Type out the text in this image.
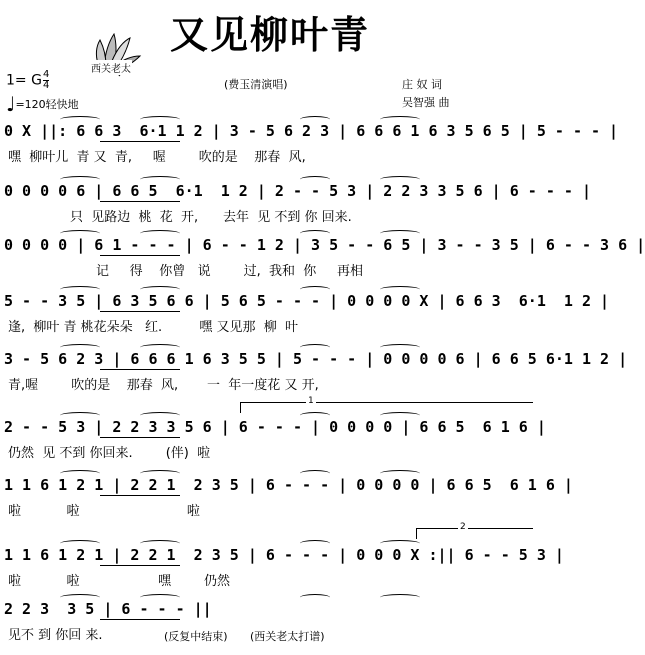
又见柳叶青
西关老太
1= G $\frac{4}{4}$
♩=120轻快地
(费玉清演唱)	庄 奴 词
吴智强 曲
0 X ||: 6 6 3  6·1 1 2 | 3 - 5 6 2 3 | 6 6 6 1 6 3 5 6 5 | 5 - - - |
嘿  柳叶儿  青 又  青,     喔        吹的是    那春  风,
0 0 0 0 6 | 6 6 5  6·1  1 2 | 2 - - 5 3 | 2 2 3 3 5 6 | 6 - - - |
只  见路边  桃  花  开,      去年  见 不到 你 回来.
0 0 0 0 | 6 1 - - - | 6 - - 1 2 | 3 5 - - 6 5 | 3 - - 3 5 | 6 - - 3 6 |
记     得    你曾   说        过,  我和  你     再相
5 - - 3 5 | 6 3 5 6 6 | 5 6 5 - - - | 0 0 0 0 X | 6 6 3  6·1  1 2 |
逢,  柳叶 青 桃花朵朵   红.         嘿 又见那  柳  叶
3 - 5 6 2 3 | 6 6 6 1 6 3 5 5 | 5 - - - | 0 0 0 0 6 | 6 6 5 6·1 1 2 |
青,喔        吹的是    那春  风,       一  年一度花 又 开,
2 - - 5 3 | 2 2 3 3 5 6 | 6 - - - | 0 0 0 0 | 6 6 5  6 1 6 |
仍然  见 不到 你回来.        (伴)  啦
1 1 6 1 2 1 | 2 2 1  2 3 5 | 6 - - - | 0 0 0 0 | 6 6 5  6 1 6 |
啦           啦                          啦
1 1 6 1 2 1 | 2 2 1  2 3 5 | 6 - - - | 0 0 0 X :|| 6 - - 5 3 |
啦           啦                   嘿        仍然
2 2 3  3 5 | 6 - - - ||
见不 到 你回 来.
1
2
(反复中结束) (西关老太打谱)
